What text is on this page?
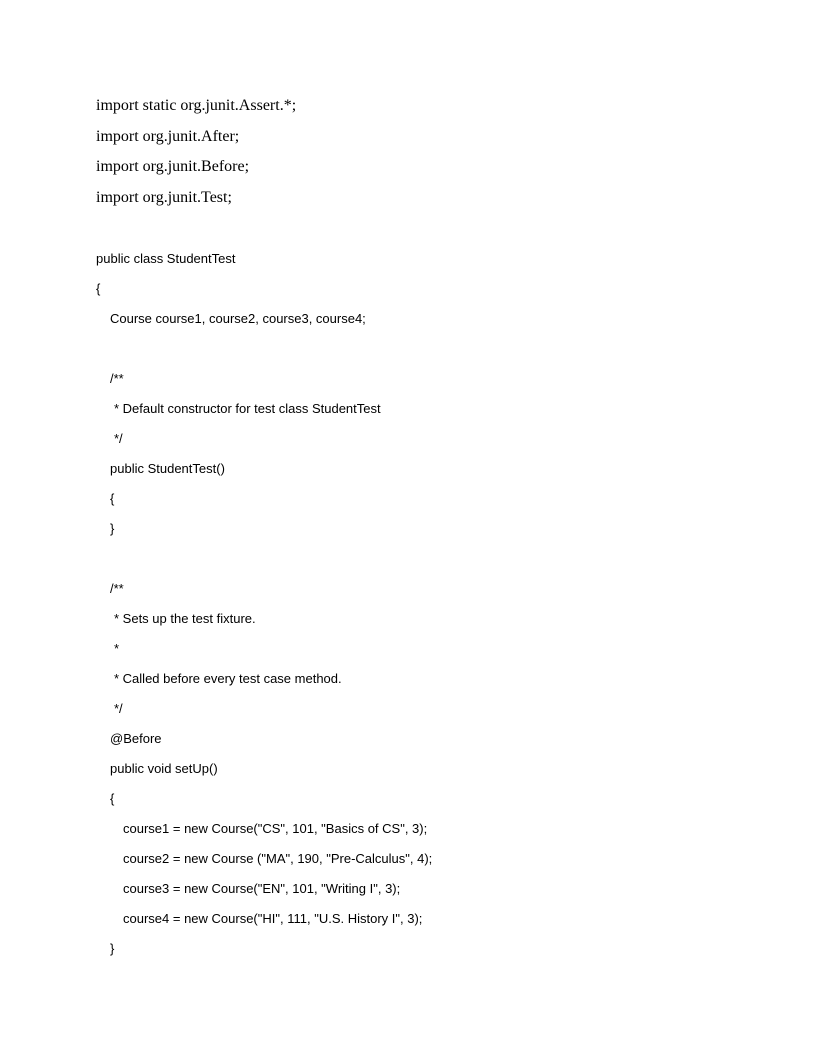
import static org.junit.Assert.*;
import org.junit.After;
import org.junit.Before;
import org.junit.Test;
public class StudentTest
{
Course course1, course2, course3, course4;
/**
* Default constructor for test class StudentTest
*/
public StudentTest()
{
}
/**
* Sets up the test fixture.
*
* Called before every test case method.
*/
@Before
public void setUp()
{
course1 = new Course("CS", 101, "Basics of CS", 3);
course2 = new Course ("MA", 190, "Pre-Calculus", 4);
course3 = new Course("EN", 101, "Writing I", 3);
course4 = new Course("HI", 111, "U.S. History I", 3);
}
